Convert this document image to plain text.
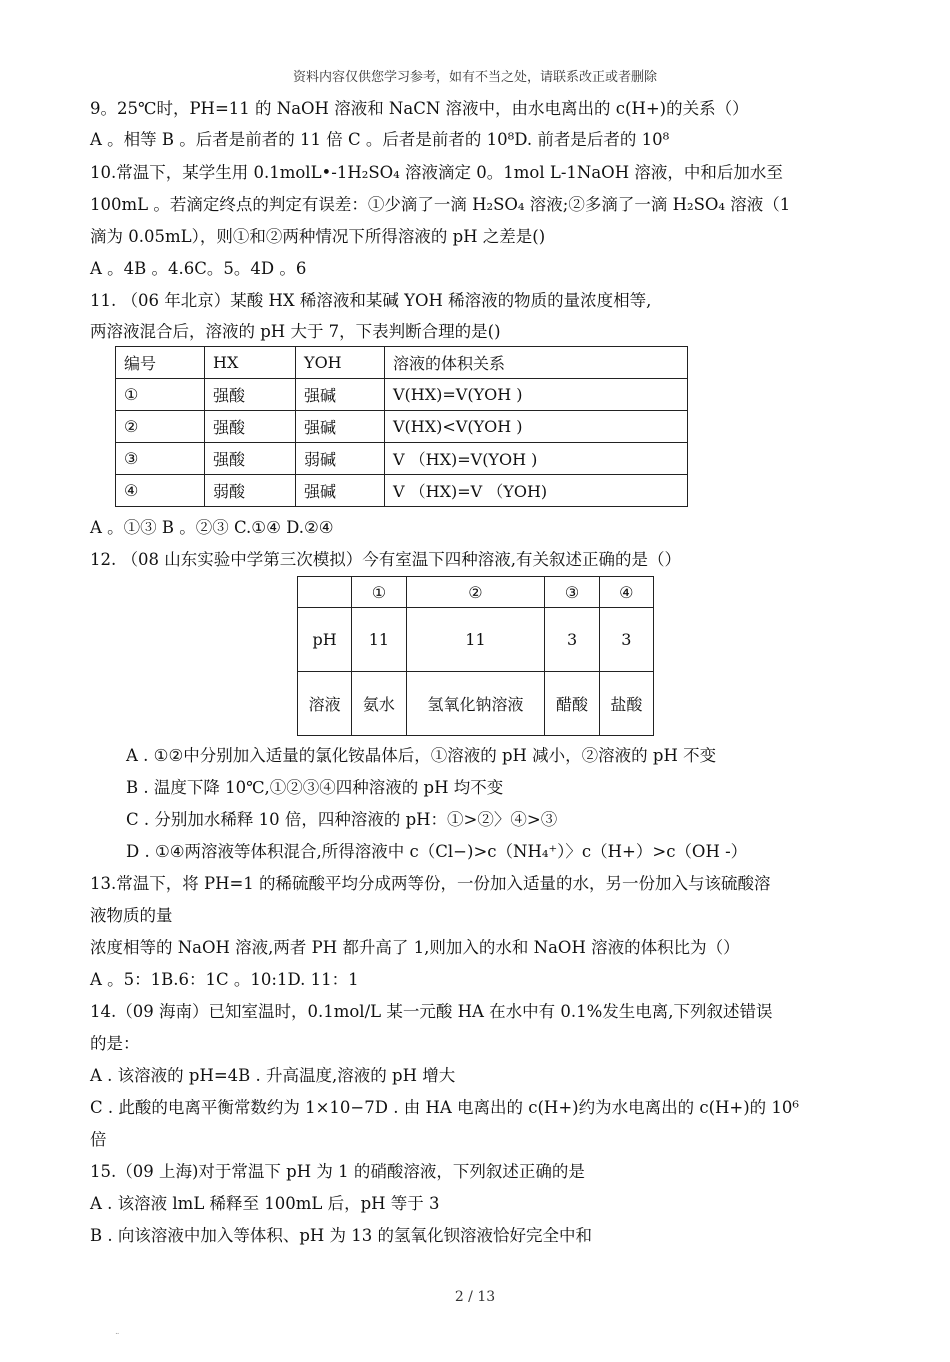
资料内容仅供您学习参考，如有不当之处，请联系改正或者删除
9。25℃时，PH=11 的 NaOH 溶液和 NaCN 溶液中，由水电离出的 c(H+)的关系（）
A 。相等 B 。后者是前者的 11 倍 C 。后者是前者的 10⁸D. 前者是后者的 10⁸
10.常温下，某学生用 0.1molL•-1H₂SO₄ 溶液滴定 0。1mol L-1NaOH 溶液，中和后加水至
100mL 。若滴定终点的判定有误差：①少滴了一滴 H₂SO₄ 溶液;②多滴了一滴 H₂SO₄ 溶液（1
滴为 0.05mL），则①和②两种情况下所得溶液的 pH 之差是()
A 。4B 。4.6C。5。4D 。6
11. （06 年北京）某酸 HX 稀溶液和某碱 YOH 稀溶液的物质的量浓度相等,
两溶液混合后，溶液的 pH 大于 7，下表判断合理的是()
编号	HX	YOH	溶液的体积关系
①	强酸	强碱	V(HX)=V(YOH )
②	强酸	强碱	V(HX)<V(YOH )
③	强酸	弱碱	V （HX)=V(YOH )
④	弱酸	强碱	V （HX)=V （YOH)
A 。①③ B 。②③ C.①④ D.②④
12. （08 山东实验中学第三次模拟）今有室温下四种溶液,有关叙述正确的是（）
	①	②	③	④
pH	11	11	3	3
溶液	氨水	氢氧化钠溶液	醋酸	盐酸
A . ①②中分别加入适量的氯化铵晶体后，①溶液的 pH 减小，②溶液的 pH 不变
B . 温度下降 10℃,①②③④四种溶液的 pH 均不变
C . 分别加水稀释 10 倍，四种溶液的 pH：①>②〉④>③
D . ①④两溶液等体积混合,所得溶液中 c（Cl−)>c（NH₄⁺）〉c（H+）>c（OH -）
13.常温下，将 PH=1 的稀硫酸平均分成两等份，一份加入适量的水，另一份加入与该硫酸溶
液物质的量
浓度相等的 NaOH 溶液,两者 PH 都升高了 1,则加入的水和 NaOH 溶液的体积比为（）
A 。5：1B.6：1C 。10:1D. 11：1
14.（09 海南）已知室温时，0.1mol/L 某一元酸 HA 在水中有 0.1%发生电离,下列叙述错误
的是：
A . 该溶液的 pH=4B . 升高温度,溶液的 pH 增大
C . 此酸的电离平衡常数约为 1×10−7D . 由 HA 电离出的 c(H+)约为水电离出的 c(H+)的 10⁶
倍
15.（09 上海)对于常温下 pH 为 1 的硝酸溶液，下列叙述正确的是
A . 该溶液 lmL 稀释至 100mL 后，pH 等于 3
B . 向该溶液中加入等体积、pH 为 13 的氢氧化钡溶液恰好完全中和
2 / 13
¨
